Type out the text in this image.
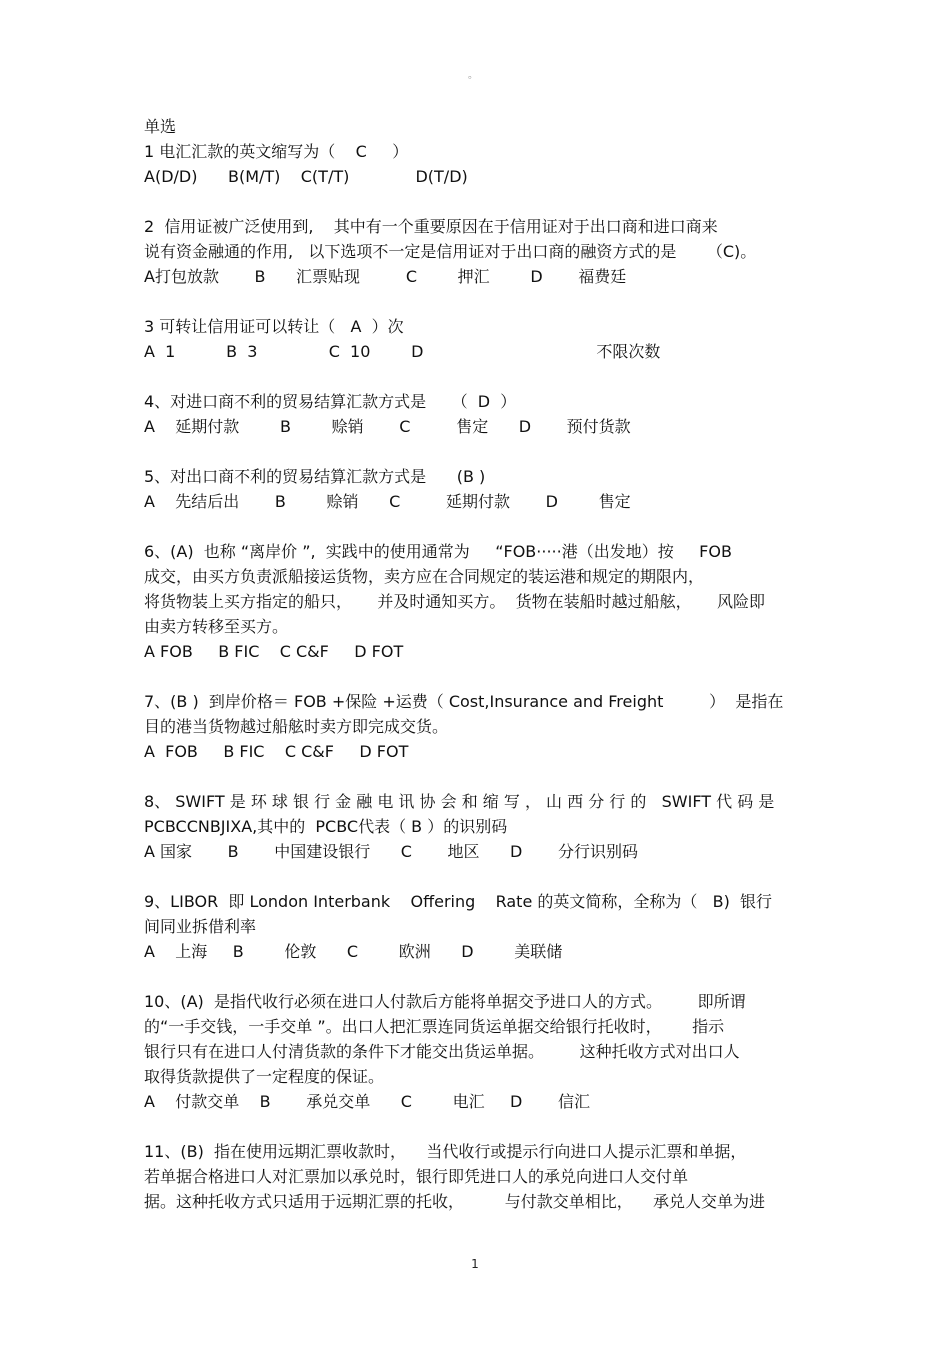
。
单选
1 电汇汇款的英文缩写为（    C     ）
A(D/D)      B(M/T)    C(T/T)             D(T/D)
2  信用证被广泛使用到,    其中有一个重要原因在于信用证对于出口商和进口商来
说有资金融通的作用,   以下选项不一定是信用证对于出口商的融资方式的是      （C)。
A打包放款       B      汇票贴现         C        押汇        D       福费廷
3 可转让信用证可以转让（   A  ）次
A  1          B  3              C  10        D                                  不限次数
4、对进口商不利的贸易结算汇款方式是     （  D  ）
A    延期付款        B        赊销       C         售定      D       预付货款
5、对出口商不利的贸易结算汇款方式是      (B )
A    先结后出       B        赊销      C         延期付款       D        售定
6、(A)  也称 “离岸价 ”,  实践中的使用通常为     “FOB·····港（出发地）按     FOB
成交，由买方负责派船接运货物，卖方应在合同规定的装运港和规定的期限内，
将货物装上买方指定的船只，     并及时通知买方。  货物在装船时越过船舷，     风险即
由卖方转移至买方。
A FOB     B FIC    C C&F     D FOT
7、(B )  到岸价格＝ FOB +保险 +运费（ Cost,Insurance and Freight         ）  是指在
目的港当货物越过船舷时卖方即完成交货。
A  FOB     B FIC    C C&F     D FOT
8、 SWIFT 是 环 球 银 行 金 融 电 讯 协 会 和 缩 写 ， 山 西 分 行 的   SWIFT 代 码 是
PCBCCNBJIXA,其中的  PCBC代表（ B ）的识别码
A 国家       B       中国建设银行      C       地区      D       分行识别码
9、LIBOR  即 London Interbank    Offering    Rate 的英文简称，全称为（   B)  银行
间同业拆借利率
A    上海     B        伦敦      C        欧洲      D        美联储
10、(A)  是指代收行必须在进口人付款后方能将单据交予进口人的方式。       即所谓
的“一手交钱，一手交单 ”。出口人把汇票连同货运单据交给银行托收时，      指示
银行只有在进口人付清货款的条件下才能交出货运单据。       这种托收方式对出口人
取得货款提供了一定程度的保证。
A    付款交单    B       承兑交单      C        电汇     D       信汇
11、(B)  指在使用远期汇票收款时，    当代收行或提示行向进口人提示汇票和单据，
若单据合格进口人对汇票加以承兑时，银行即凭进口人的承兑向进口人交付单
据。这种托收方式只适用于远期汇票的托收，        与付款交单相比，    承兑人交单为进
1
